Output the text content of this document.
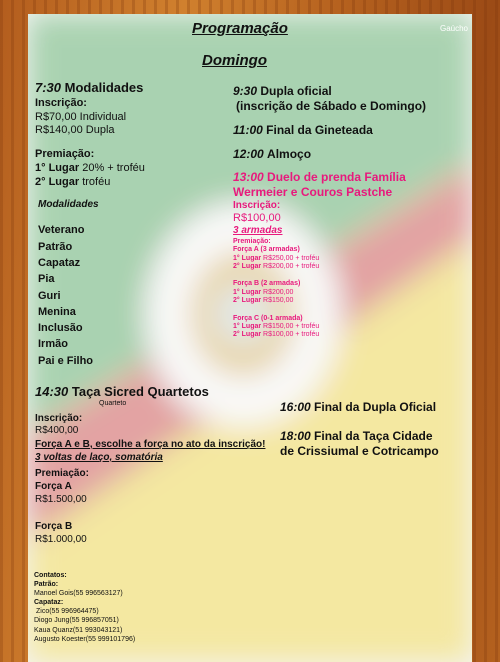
Programação	Gaúcho
Domingo
7:30 Modalidades
Inscrição:
R$70,00 Individual
R$140,00 Dupla
Premiação:
1° Lugar 20% + troféu
2° Lugar troféu
Modalidades
Veterano
Patrão
Capataz
Pia
Guri
Menina
Inclusão
Irmão
Pai e Filho
9:30 Dupla oficial
(inscrição de Sábado e Domingo)
11:00 Final da Gineteada
12:00 Almoço
13:00 Duelo de prenda Família
Wermeier e Couros Pastche
Inscrição:
R$100,00
3 armadas
Premiação:
Força A (3 armadas)
1° Lugar R$250,00 + troféu
2° Lugar R$200,00 + troféu
Força B (2 armadas)
1° Lugar R$200,00
2° Lugar R$150,00
Força C (0-1 armada)
1° Lugar R$150,00 + troféu
2° Lugar R$100,00 + troféu
14:30 Taça Sicred Quartetos
Quarteto
Inscrição:
R$400,00
Força A e B, escolhe a força no ato da inscrição!
3 voltas de laço, somatória
Premiação:
Força A
R$1.500,00
Força B
R$1.000,00
16:00 Final da Dupla Oficial
18:00 Final da Taça Cidade
de Crissiumal e Cotricampo
Contatos:
Patrão:
Manoel Gois(55 996563127)
Capataz:
Zico(55 996964475)
Diogo Jung(55 996857051)
Kaua Quanz(51 993043121)
Augusto Koester(55 999101796)
